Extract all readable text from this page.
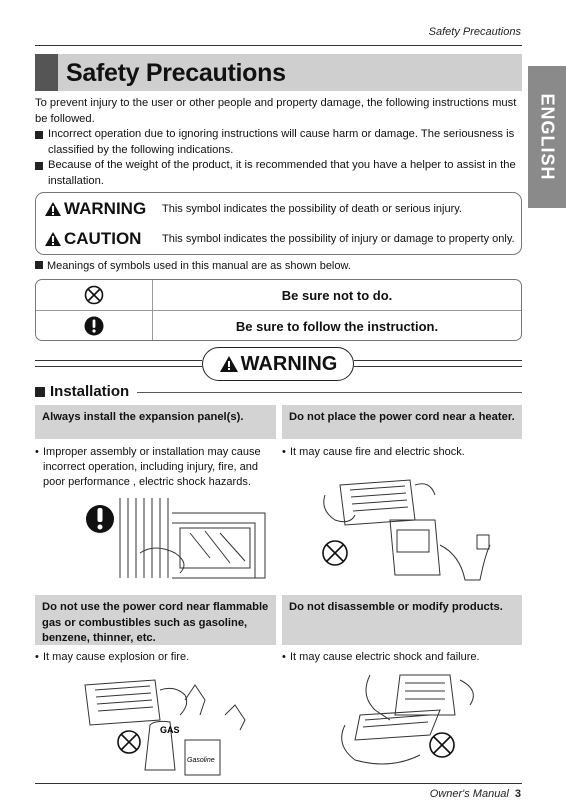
Safety Precautions
Safety Precautions
ENGLISH

To prevent injury to the user or other people and property damage, the following instructions must be followed.

Incorrect operation due to ignoring instructions will cause harm or damage. The seriousness is classified by the following indications.

Because of the weight of the product, it is recommended that you have a helper to assist in the installation.

WARNING This symbol indicates the possibility of death or serious injury.
CAUTION This symbol indicates the possibility of injury or damage to property only.
Meanings of symbols used in this manual are as shown below.
Be sure not to do.
Be sure to follow the instruction.
WARNING
Installation
Always install the expansion panel(s).
• Improper assembly or installation may cause incorrect operation, including injury, fire, and poor performance , electric shock hazards.
Do not place the power cord near a heater.
• It may cause fire and electric shock.
Do not use the power cord near flammable gas or combustibles such as gasoline, benzene, thinner, etc.
• It may cause explosion or fire.
GAS
Gasoline
Do not disassemble or modify products.
• It may cause electric shock and failure.
Owner's Manual 3
